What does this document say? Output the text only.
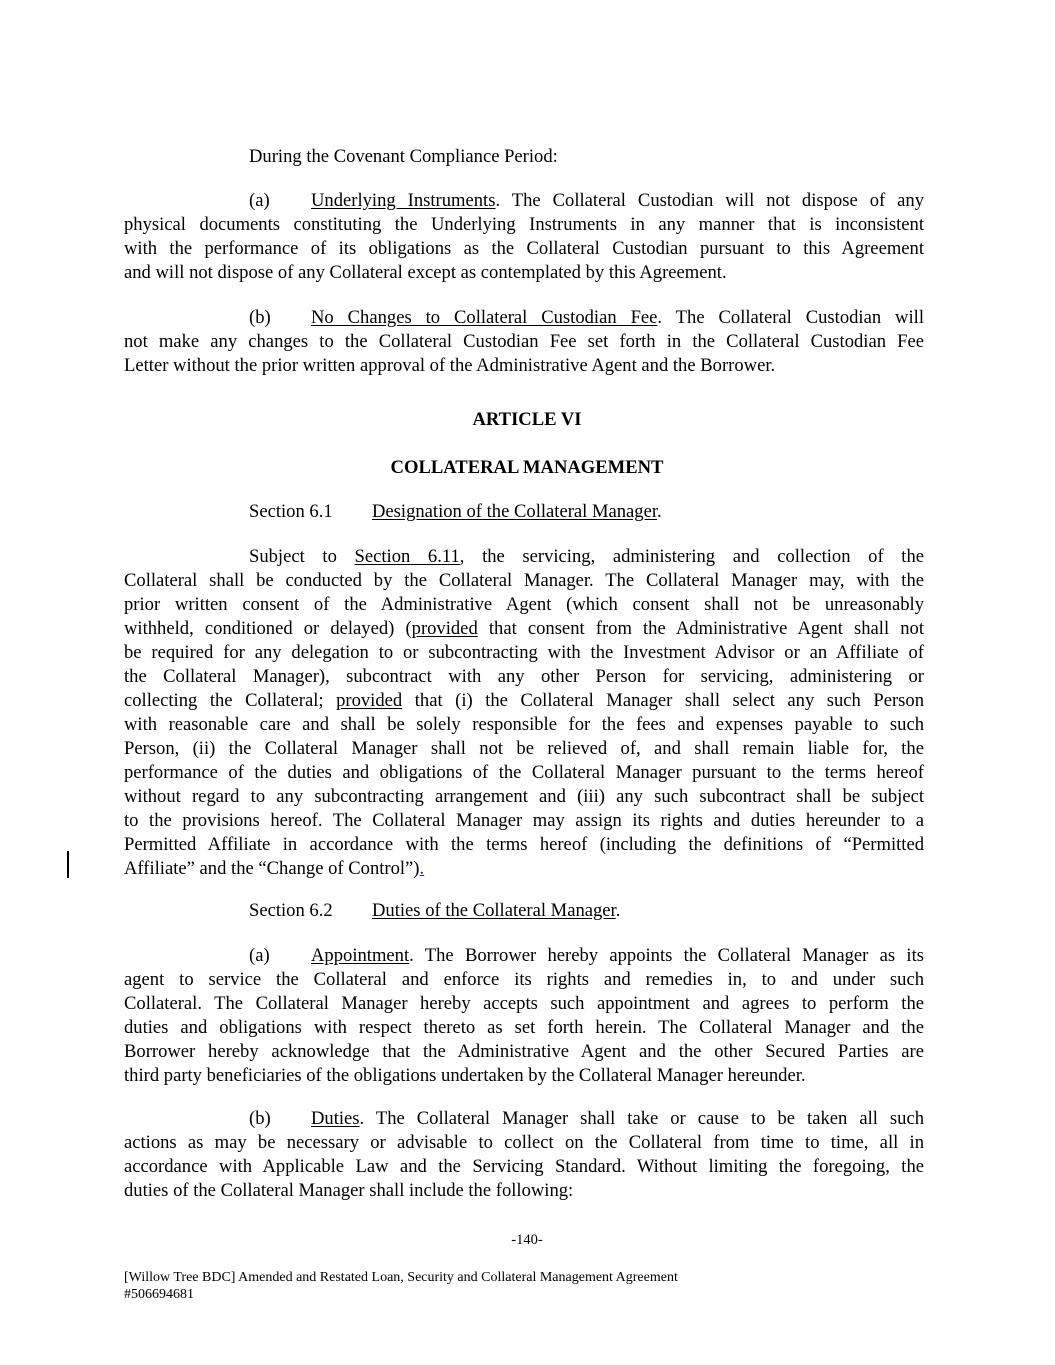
During the Covenant Compliance Period:
(a) Underlying Instruments. The Collateral Custodian will not dispose of any
physical documents constituting the Underlying Instruments in any manner that is inconsistent
with the performance of its obligations as the Collateral Custodian pursuant to this Agreement
and will not dispose of any Collateral except as contemplated by this Agreement.
(b) No Changes to Collateral Custodian Fee. The Collateral Custodian will
not make any changes to the Collateral Custodian Fee set forth in the Collateral Custodian Fee
Letter without the prior written approval of the Administrative Agent and the Borrower.
ARTICLE VI
COLLATERAL MANAGEMENT
Section 6.1 Designation of the Collateral Manager.
Subject to Section 6.11, the servicing, administering and collection of the
Collateral shall be conducted by the Collateral Manager. The Collateral Manager may, with the
prior written consent of the Administrative Agent (which consent shall not be unreasonably
withheld, conditioned or delayed) (provided that consent from the Administrative Agent shall not
be required for any delegation to or subcontracting with the Investment Advisor or an Affiliate of
the Collateral Manager), subcontract with any other Person for servicing, administering or
collecting the Collateral; provided that (i) the Collateral Manager shall select any such Person
with reasonable care and shall be solely responsible for the fees and expenses payable to such
Person, (ii) the Collateral Manager shall not be relieved of, and shall remain liable for, the
performance of the duties and obligations of the Collateral Manager pursuant to the terms hereof
without regard to any subcontracting arrangement and (iii) any such subcontract shall be subject
to the provisions hereof. The Collateral Manager may assign its rights and duties hereunder to a
Permitted Affiliate in accordance with the terms hereof (including the definitions of “Permitted
Affiliate” and the “Change of Control”).
Section 6.2 Duties of the Collateral Manager.
(a) Appointment. The Borrower hereby appoints the Collateral Manager as its
agent to service the Collateral and enforce its rights and remedies in, to and under such
Collateral. The Collateral Manager hereby accepts such appointment and agrees to perform the
duties and obligations with respect thereto as set forth herein. The Collateral Manager and the
Borrower hereby acknowledge that the Administrative Agent and the other Secured Parties are
third party beneficiaries of the obligations undertaken by the Collateral Manager hereunder.
(b) Duties. The Collateral Manager shall take or cause to be taken all such
actions as may be necessary or advisable to collect on the Collateral from time to time, all in
accordance with Applicable Law and the Servicing Standard. Without limiting the foregoing, the
duties of the Collateral Manager shall include the following:
-140-
[Willow Tree BDC] Amended and Restated Loan, Security and Collateral Management Agreement
#506694681
